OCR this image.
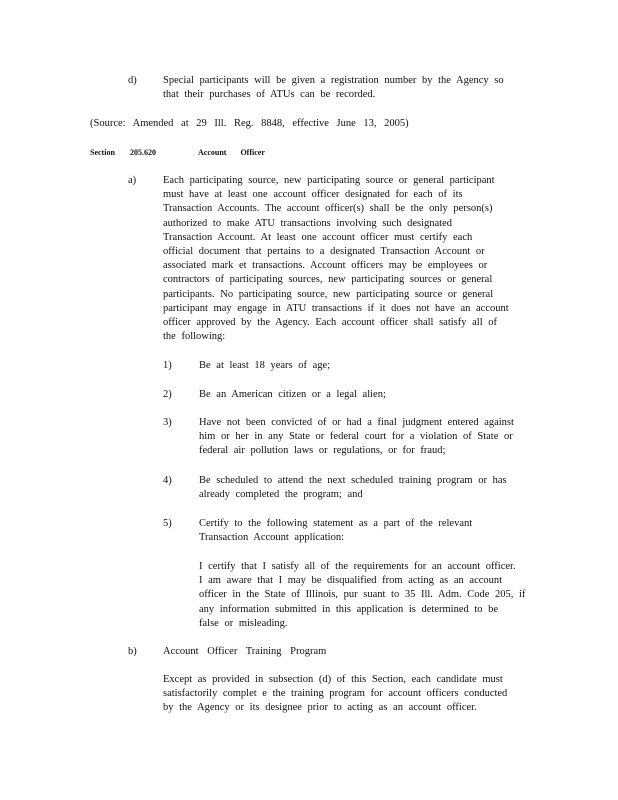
d)	Special participants will be given a registration number by the Agency so
that their purchases of ATUs can be recorded.
(Source: Amended at 29 Ill. Reg. 8848, effective June 13, 2005)
Section 205.620	Account Officer
a)	Each participating source, new participating source or general participant
must have at least one account officer designated for each of its
Transaction Accounts. The account officer(s) shall be the only person(s)
authorized to make ATU transactions involving such designated
Transaction Account. At least one account officer must certify each
official document that pertains to a designated Transaction Account or
associated mark et transactions. Account officers may be employees or
contractors of participating sources, new participating sources or general
participants. No participating source, new participating source or general
participant may engage in ATU transactions if it does not have an account
officer approved by the Agency. Each account officer shall satisfy all of
the following:
1)	Be at least 18 years of age;
2)	Be an American citizen or a legal alien;
3)	Have not been convicted of or had a final judgment entered against
him or her in any State or federal court for a violation of State or
federal air pollution laws or regulations, or for fraud;
4)	Be scheduled to attend the next scheduled training program or has
already completed the program; and
5)	Certify to the following statement as a part of the relevant
Transaction Account application:
I certify that I satisfy all of the requirements for an account officer.
I am aware that I may be disqualified from acting as an account
officer in the State of Illinois, pur suant to 35 Ill. Adm. Code 205, if
any information submitted in this application is determined to be
false or misleading.
b)	Account Officer Training Program
Except as provided in subsection (d) of this Section, each candidate must
satisfactorily complet e the training program for account officers conducted
by the Agency or its designee prior to acting as an account officer.
